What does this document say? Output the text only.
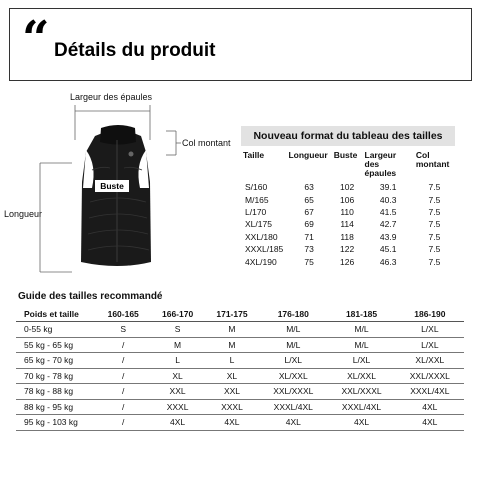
“ Détails du produit
Largeur des épaules
Col montant
Longueur
Buste
Nouveau format du tableau des tailles
Taille	Longueur	Buste	Largeur des épaules	Col montant
S/160	63	102	39.1	7.5
M/165	65	106	40.3	7.5
L/170	67	110	41.5	7.5
XL/175	69	114	42.7	7.5
XXL/180	71	118	43.9	7.5
XXXL/185	73	122	45.1	7.5
4XL/190	75	126	46.3	7.5
Guide des tailles recommandé
Poids et taille	160-165	166-170	171-175	176-180	181-185	186-190
0-55 kg	S	S	M	M/L	M/L	L/XL
55 kg - 65 kg	/	M	M	M/L	M/L	L/XL
65 kg - 70 kg	/	L	L	L/XL	L/XL	XL/XXL
70 kg - 78 kg	/	XL	XL	XL/XXL	XL/XXL	XXL/XXXL
78 kg - 88 kg	/	XXL	XXL	XXL/XXXL	XXL/XXXL	XXXL/4XL
88 kg - 95 kg	/	XXXL	XXXL	XXXL/4XL	XXXL/4XL	4XL
95 kg - 103 kg	/	4XL	4XL	4XL	4XL	4XL
